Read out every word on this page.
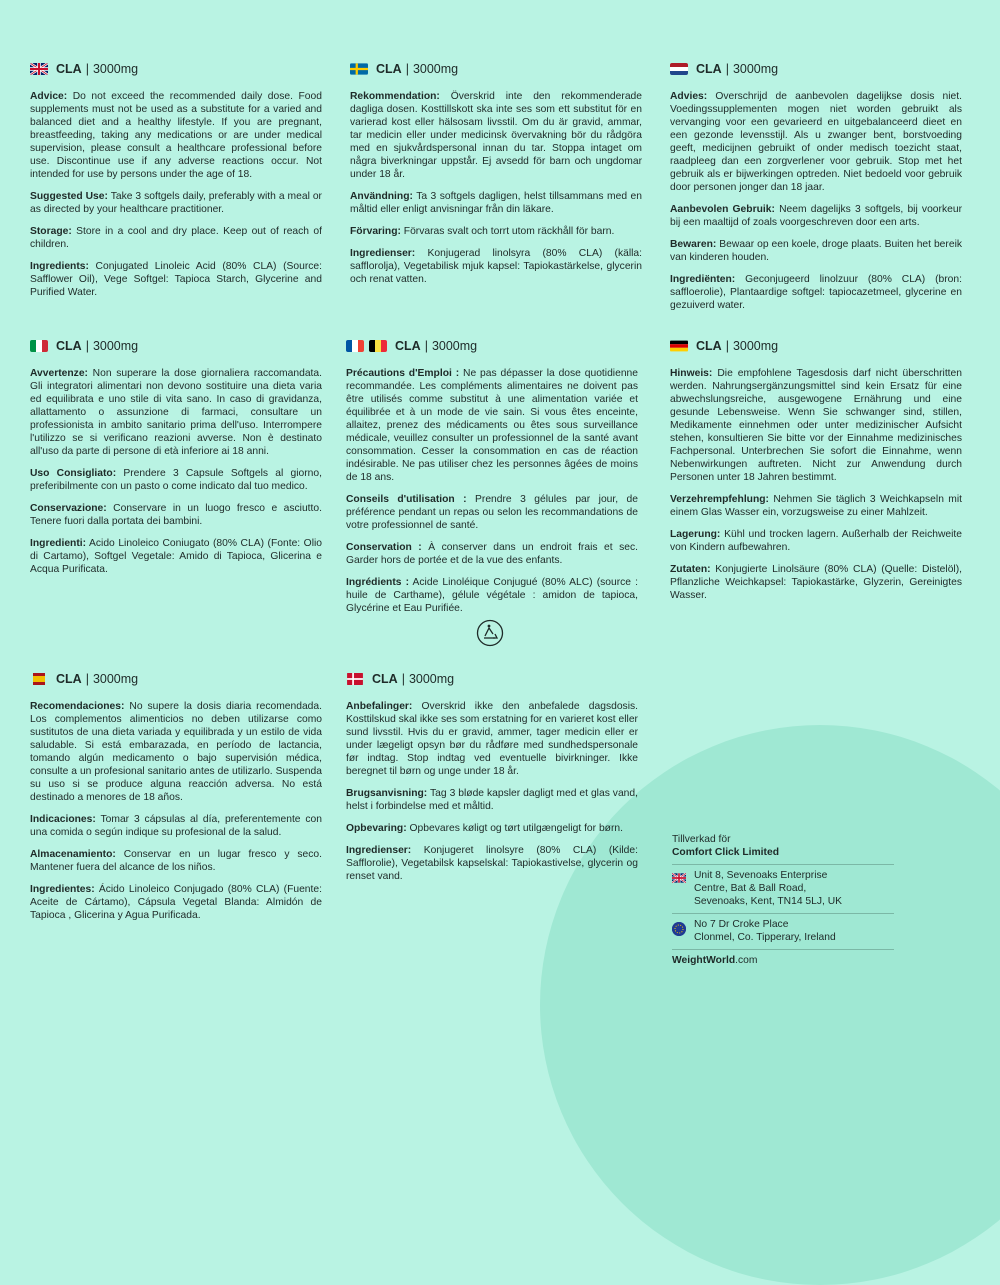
CLA | 3000mg

Advice: Do not exceed the recommended daily dose. Food supplements must not be used as a substitute for a varied and balanced diet and a healthy lifestyle. If you are pregnant, breastfeeding, taking any medications or are under medical supervision, please consult a healthcare professional before use. Discontinue use if any adverse reactions occur. Not intended for use by persons under the age of 18.

Suggested Use: Take 3 softgels daily, preferably with a meal or as directed by your healthcare practitioner.

Storage: Store in a cool and dry place. Keep out of reach of children.

Ingredients: Conjugated Linoleic Acid (80% CLA) (Source: Safflower Oil), Vege Softgel: Tapioca Starch, Glycerine and Purified Water.

CLA | 3000mg

Rekommendation: Överskrid inte den rekommenderade dagliga dosen. Kosttillskott ska inte ses som ett substitut för en varierad kost eller hälsosam livsstil. Om du är gravid, ammar, tar medicin eller under medicinsk övervakning bör du rådgöra med en sjukvårdspersonal innan du tar. Stoppa intaget om några biverkningar uppstår. Ej avsedd för barn och ungdomar under 18 år.

Användning: Ta 3 softgels dagligen, helst tillsammans med en måltid eller enligt anvisningar från din läkare.

Förvaring: Förvaras svalt och torrt utom räckhåll för barn.

Ingredienser: Konjugerad linolsyra (80% CLA) (källa: safflorolja), Vegetabilisk mjuk kapsel: Tapiokastärkelse, glycerin och renat vatten.

CLA | 3000mg

Advies: Overschrijd de aanbevolen dagelijkse dosis niet. Voedingssupplementen mogen niet worden gebruikt als vervanging voor een gevarieerd en uitgebalanceerd dieet en een gezonde levensstijl. Als u zwanger bent, borstvoeding geeft, medicijnen gebruikt of onder medisch toezicht staat, raadpleeg dan een zorgverlener voor gebruik. Stop met het gebruik als er bijwerkingen optreden. Niet bedoeld voor gebruik door personen jonger dan 18 jaar.

Aanbevolen Gebruik: Neem dagelijks 3 softgels, bij voorkeur bij een maaltijd of zoals voorgeschreven door een arts.

Bewaren: Bewaar op een koele, droge plaats. Buiten het bereik van kinderen houden.

Ingrediënten: Geconjugeerd linolzuur (80% CLA) (bron: saffloerolie), Plantaardige softgel: tapiocazetmeel, glycerine en gezuiverd water.

CLA | 3000mg

Avvertenze: Non superare la dose giornaliera raccomandata. Gli integratori alimentari non devono sostituire una dieta varia ed equilibrata e uno stile di vita sano. In caso di gravidanza, allattamento o assunzione di farmaci, consultare un professionista in ambito sanitario prima dell'uso. Interrompere l'utilizzo se si verificano reazioni avverse. Non è destinato all'uso da parte di persone di età inferiore ai 18 anni.

Uso Consigliato: Prendere 3 Capsule Softgels al giorno, preferibilmente con un pasto o come indicato dal tuo medico.

Conservazione: Conservare in un luogo fresco e asciutto. Tenere fuori dalla portata dei bambini.

Ingredienti: Acido Linoleico Coniugato (80% CLA) (Fonte: Olio di Cartamo), Softgel Vegetale: Amido di Tapioca, Glicerina e Acqua Purificata.

CLA | 3000mg

Précautions d'Emploi : Ne pas dépasser la dose quotidienne recommandée. Les compléments alimentaires ne doivent pas être utilisés comme substitut à une alimentation variée et équilibrée et à un mode de vie sain. Si vous êtes enceinte, allaitez, prenez des médicaments ou êtes sous surveillance médicale, veuillez consulter un professionnel de la santé avant consommation. Cesser la consommation en cas de réaction indésirable. Ne pas utiliser chez les personnes âgées de moins de 18 ans.

Conseils d'utilisation : Prendre 3 gélules par jour, de préférence pendant un repas ou selon les recommandations de votre professionnel de santé.

Conservation : À conserver dans un endroit frais et sec. Garder hors de portée et de la vue des enfants.

Ingrédients : Acide Linoléique Conjugué (80% ALC) (source : huile de Carthame), gélule végétale : amidon de tapioca, Glycérine et Eau Purifiée.

CLA | 3000mg

Hinweis: Die empfohlene Tagesdosis darf nicht überschritten werden. Nahrungsergänzungsmittel sind kein Ersatz für eine abwechslungsreiche, ausgewogene Ernährung und eine gesunde Lebensweise. Wenn Sie schwanger sind, stillen, Medikamente einnehmen oder unter medizinischer Aufsicht stehen, konsultieren Sie bitte vor der Einnahme medizinisches Fachpersonal. Unterbrechen Sie sofort die Einnahme, wenn Nebenwirkungen auftreten. Nicht zur Anwendung durch Personen unter 18 Jahren bestimmt.

Verzehrempfehlung: Nehmen Sie täglich 3 Weichkapseln mit einem Glas Wasser ein, vorzugsweise zu einer Mahlzeit.

Lagerung: Kühl und trocken lagern. Außerhalb der Reichweite von Kindern aufbewahren.

Zutaten: Konjugierte Linolsäure (80% CLA) (Quelle: Distelöl), Pflanzliche Weichkapsel: Tapiokastärke, Glyzerin, Gereinigtes Wasser.

CLA | 3000mg

Recomendaciones: No supere la dosis diaria recomendada. Los complementos alimenticios no deben utilizarse como sustitutos de una dieta variada y equilibrada y un estilo de vida saludable. Si está embarazada, en período de lactancia, tomando algún medicamento o bajo supervisión médica, consulte a un profesional sanitario antes de utilizarlo. Suspenda su uso si se produce alguna reacción adversa. No está destinado a menores de 18 años.

Indicaciones: Tomar 3 cápsulas al día, preferentemente con una comida o según indique su profesional de la salud.

Almacenamiento: Conservar en un lugar fresco y seco. Mantener fuera del alcance de los niños.

Ingredientes: Ácido Linoleico Conjugado (80% CLA) (Fuente: Aceite de Cártamo), Cápsula Vegetal Blanda: Almidón de Tapioca , Glicerina y Agua Purificada.

CLA | 3000mg

Anbefalinger: Overskrid ikke den anbefalede dagsdosis. Kosttilskud skal ikke ses som erstatning for en varieret kost eller sund livsstil. Hvis du er gravid, ammer, tager medicin eller er under lægeligt opsyn bør du rådføre med sundhedspersonale før indtag. Stop indtag ved eventuelle bivirkninger. Ikke beregnet til børn og unge under 18 år.

Brugsanvisning: Tag 3 bløde kapsler dagligt med et glas vand, helst i forbindelse med et måltid.

Opbevaring: Opbevares køligt og tørt utilgængeligt for børn.

Ingredienser: Konjugeret linolsyre (80% CLA) (Kilde: Safflorolie), Vegetabilsk kapselskal: Tapiokastivelse, glycerin og renset vand.

Tillverkad för
Comfort Click Limited
Unit 8, Sevenoaks Enterprise
Centre, Bat & Ball Road,
Sevenoaks, Kent, TN14 5LJ, UK
No 7 Dr Croke Place
Clonmel, Co. Tipperary, Ireland
WeightWorld.com
